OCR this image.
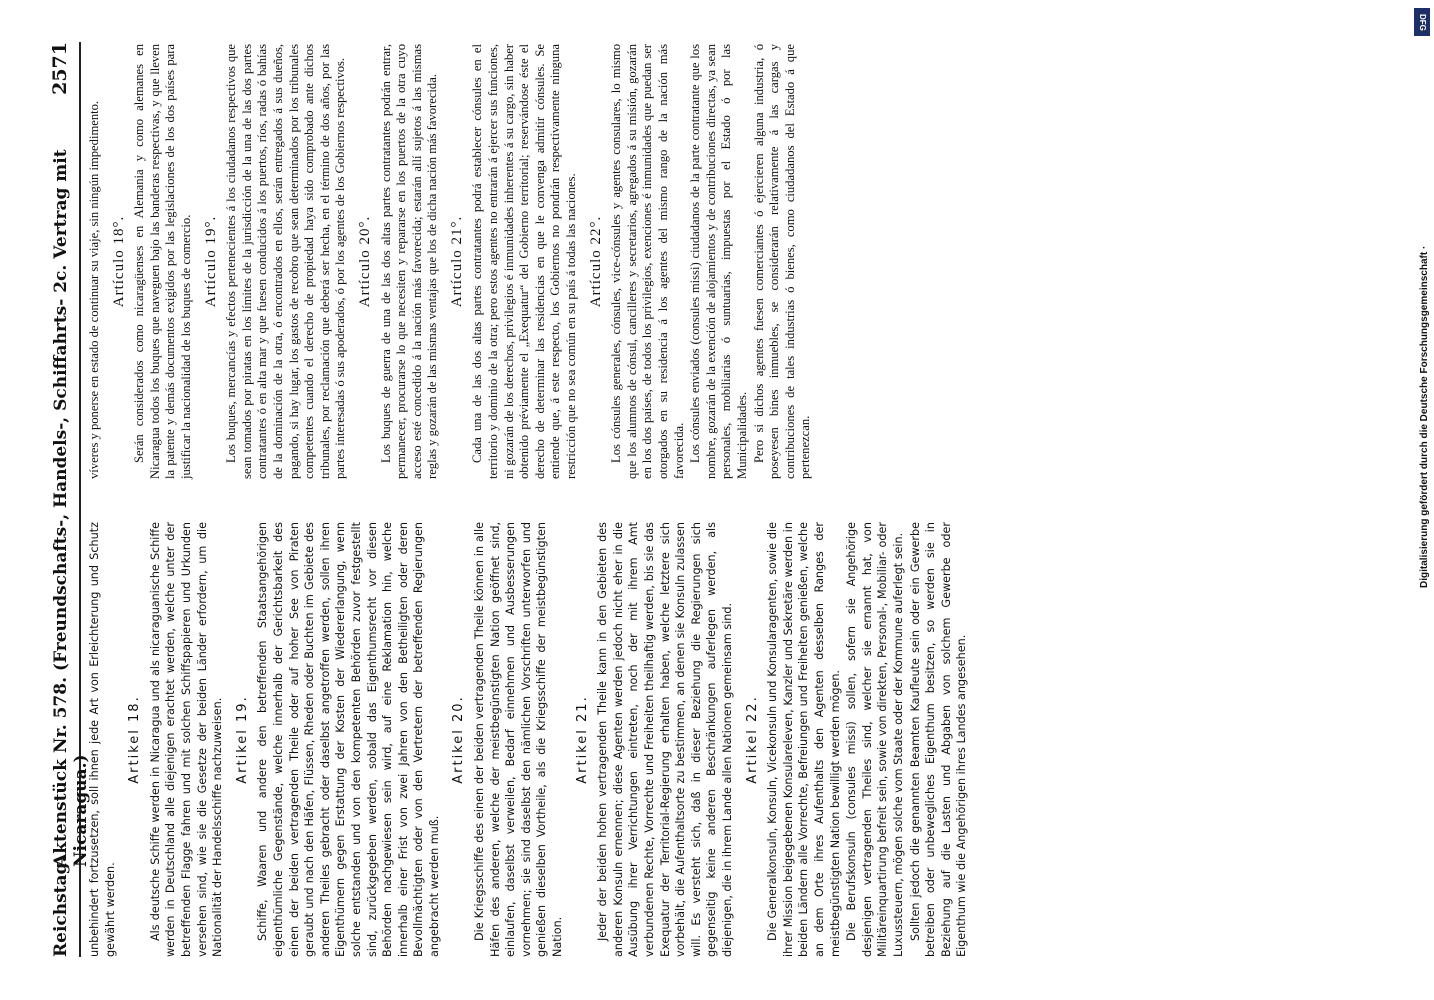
Reichstag.
Aktenstück Nr. 578. (Freundschafts-, Handels-, Schiffahrts- 2c. Vertrag mit Nicaragua.)
2571

unbehindert fortzusetzen, soll ihnen jede Art von Erleichterung und Schutz gewährt werden.

Artikel 18. Als deutsche Schiffe werden in Nicaragua und als nicaraguanische Schiffe werden in Deutschland alle diejenigen erachtet werden, welche unter der betreffenden Flagge fahren und mit solchen Schiffspapieren und Urkunden versehen sind, wie sie die Gesetze der beiden Länder erfordern, um die Nationalität der Handelsschiffe nachzuweisen. Artikel 19. Schiffe, Waaren und andere den betreffenden Staatsangehörigen eigenthümliche Gegenstände, welche innerhalb der Gerichtsbarkeit des einen der beiden vertragenden Theile oder auf hoher See von Piraten geraubt und nach den Häfen, Flüssen, Rheden oder Buchten im Gebiete des anderen Theiles gebracht oder daselbst angetroffen werden, sollen ihren Eigenthümern gegen Erstattung der Kosten der Wiedererlangung, wenn solche entstanden und von den kompetenten Behörden zuvor festgestellt sind, zurückgegeben werden, sobald das Eigenthumsrecht vor diesen Behörden nachgewiesen sein wird, auf eine Reklamation hin, welche innerhalb einer Frist von zwei Jahren von den Betheiligten oder deren Bevollmächtigten oder von den Vertretern der betreffenden Regierungen angebracht werden muß.

Artikel 20. Die Kriegsschiffe des einen der beiden vertragenden Theile können in alle Häfen des anderen, welche der meistbegünstigten Nation geöffnet sind, einlaufen, daselbst verweilen, Bedarf einnehmen und Ausbesserungen vornehmen; sie sind daselbst den nämlichen Vorschriften unterworfen und genießen dieselben Vortheile, als die Kriegsschiffe der meistbegünstigten Nation.

Artikel 21. Jeder der beiden hohen vertragenden Theile kann in den Gebieten des anderen Konsuln ernennen; diese Agenten werden jedoch nicht eher in die Ausübung ihrer Verrichtungen eintreten, noch der mit ihrem Amt verbundenen Rechte, Vorrechte und Freiheiten theilhaftig werden, bis sie das Exequatur der Territorial-Regierung erhalten haben, welche letztere sich vorbehält, die Aufenthaltsorte zu bestimmen, an denen sie Konsuln zulassen will. Es versteht sich, daß in dieser Beziehung die Regierungen sich gegenseitig keine anderen Beschränkungen auferlegen werden, als diejenigen, die in ihrem Lande allen Nationen gemeinsam sind. Artikel 22. Die Generalkonsuln, Konsuln, Vicekonsuln und Konsularagenten, sowie die ihrer Mission beigegebenen Konsulareleven, Kanzler und Sekretäre werden in beiden Ländern alle Vorrechte, Befreiungen und Freiheiten genießen, welche an dem Orte ihres Aufenthalts den Agenten desselben Ranges der meistbegünstigten Nation bewilligt werden mögen. Die Berufskonsuln (consules missi) sollen, sofern sie Angehörige desjenigen vertragenden Theiles sind, welcher sie ernannt hat, von Militäreinquartirung befreit sein, sowie von direkten, Personal-, Mobiliar- oder Luxussteuern, mögen solche vom Staate oder der Kommune auferlegt sein. Sollten jedoch die genannten Beamten Kaufleute sein oder ein Gewerbe betreiben oder unbewegliches Eigenthum besitzen, so werden sie in Beziehung auf die Lasten und Abgaben von solchem Gewerbe oder Eigenthum wie die Angehörigen ihres Landes angesehen.

víveres y ponerse en estado de continuar su viaje, sin ningún impedimento. Artículo 18°. Serán considerados como nicaragüenses en Alemania y como alemanes en Nicaragua todos los buques que naveguen bajo las banderas respectivas, y que lleven la patente y demás documentos exigidos por las legislaciones de los dos países para justificar la nacionalidad de los buques de comercio. Artículo 19°. Los buques, mercancías y efectos pertenecientes á los ciudadanos respectivos que sean tomados por piratas en los límites de la jurisdicción de la una de las dos partes contratantes ó en alta mar y que fuesen conducidos á los puertos, ríos, radas ó bahías de la dominación de la otra, ó encontrados en ellos, serán entregados á sus dueños, pagando, si hay lugar, los gastos de recobro que sean determinados por los tribunales competentes cuando el derecho de propiedad haya sido comprobado ante dichos tribunales, por reclamación que deberá ser hecha, en el término de dos años, por las partes interesadas ó sus apoderados, ó por los agentes de los Gobiernos respectivos. Artículo 20°. Los buques de guerra de una de las dos altas partes contratantes podrán entrar, permanecer, procurarse lo que necesiten y repararse en los puertos de la otra cuyo acceso esté concedido á la nación más favorecida; estarán allí sujetos á las mismas reglas y gozarán de las mismas ventajas que los de dicha nación más favorecida. Artículo 21°. Cada una de las dos altas partes contratantes podrá establecer cónsules en el territorio y dominio de la otra; pero estos agentes no entrarán á ejercer sus funciones, ni gozarán de los derechos, privilegios é inmunidades inherentes á su cargo, sin haber obtenido préviamente el „Exequatur“ del Gobierno territorial; reservándose éste el derecho de determinar las residencias en que le convenga admitir cónsules. Se entiende que, á este respecto, los Gobiernos no pondrán respectivamente ninguna restricción que no sea común en su país á todas las naciones. Artículo 22°. Los cónsules generales, cónsules, vice-cónsules y agentes consulares, lo mismo que los alumnos de cónsul, cancilleres y secretarios, agregados á su misión, gozarán en los dos países, de todos los privilegios, exenciones é inmunidades que puedan ser otorgados en su residencia á los agentes del mismo rango de la nación más favorecida. Los cónsules enviados (consules missi) ciudadanos de la parte contratante que los nombre, gozarán de la exención de alojamientos y de contribuciones directas, ya sean personales, mobiliarias ó suntuarias, impuestas por el Estado ó por las Municipalidades. Pero si dichos agentes fuesen comerciantes ó ejercieren alguna industria, ó poseyesen bines inmuebles, se considerarán relativamente á las cargas y contribuciones de tales industrias ó bienes, como ciudadanos del Estado á que pertenezcan.

DFG
Digitalisierung gefördert durch die Deutsche Forschungsgemeinschaft ·
